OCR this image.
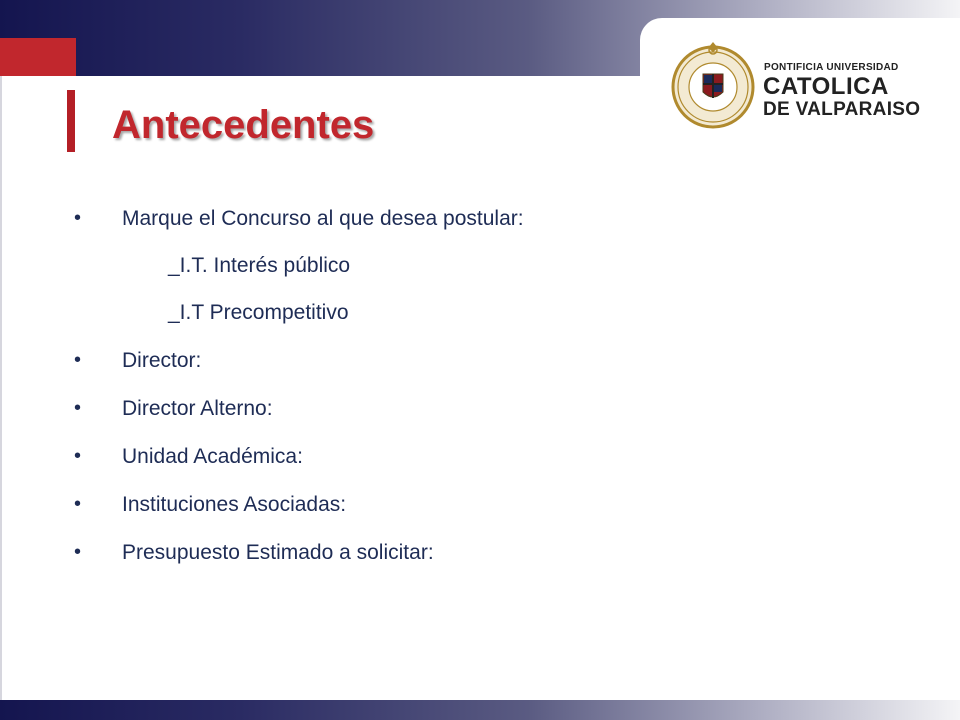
Antecedentes
PONTIFICIA UNIVERSIDAD
CATOLICA
DE VALPARAISO
• Marque el Concurso al que desea postular:
_I.T. Interés público
_I.T Precompetitivo
• Director:
• Director Alterno:
• Unidad Académica:
• Instituciones Asociadas:
• Presupuesto Estimado a solicitar:
